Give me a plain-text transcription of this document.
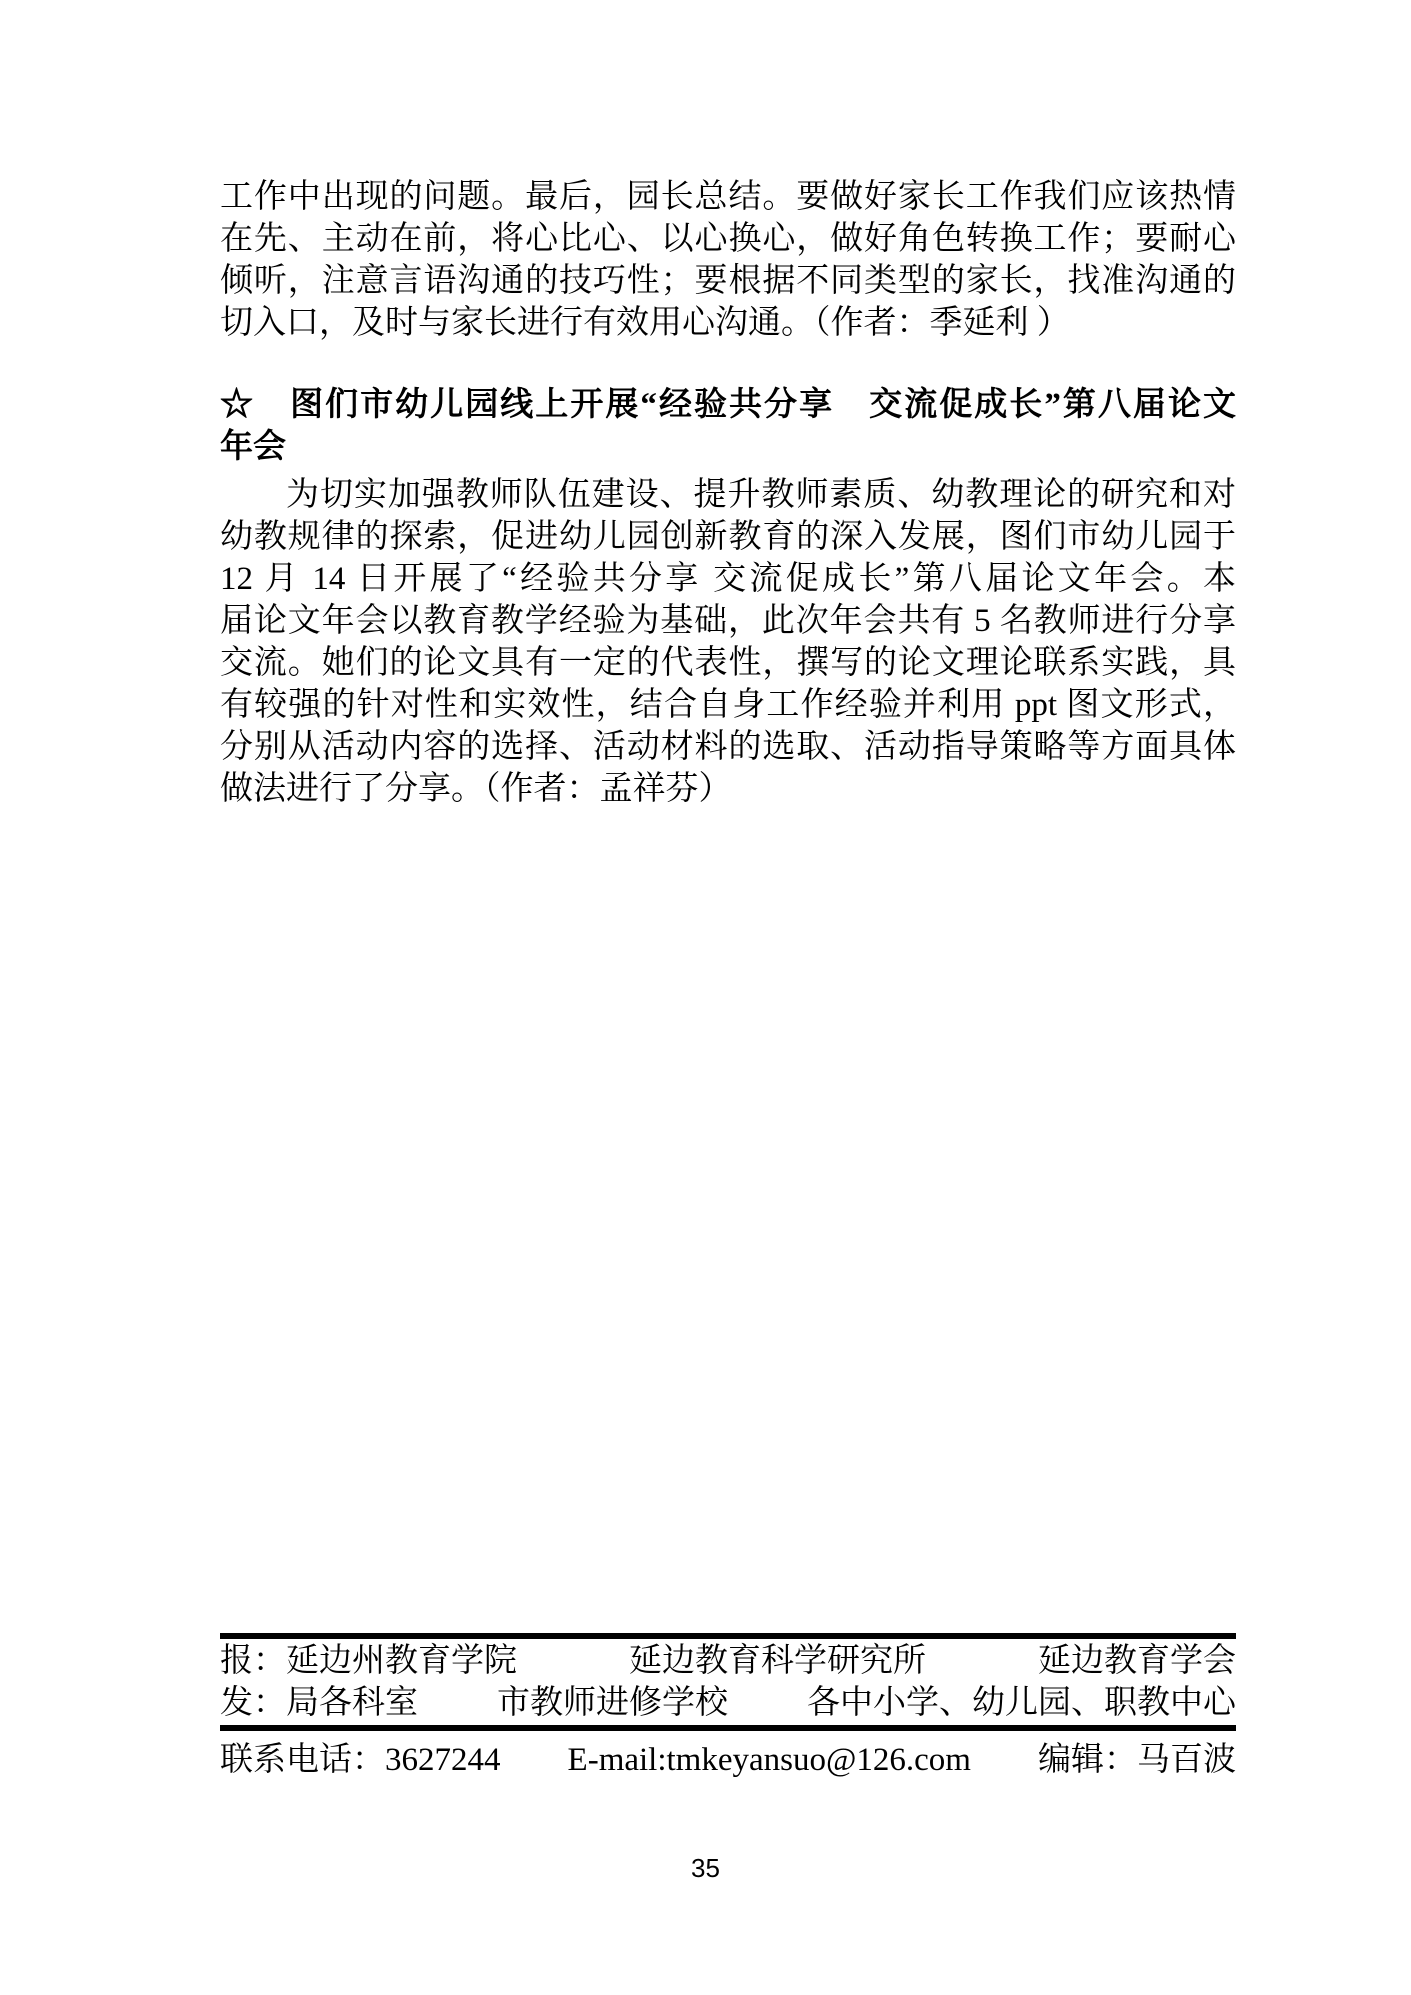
工作中出现的问题。最后，园长总结。要做好家长工作我们应该热情
在先、主动在前，将心比心、以心换心，做好角色转换工作；要耐心
倾听，注意言语沟通的技巧性；要根据不同类型的家长，找准沟通的
切入口，及时与家长进行有效用心沟通。（作者：季延利 ）
☆　图们市幼儿园线上开展“经验共分享　交流促成长”第八届论文
年会
为切实加强教师队伍建设、提升教师素质、幼教理论的研究和对
幼教规律的探索，促进幼儿园创新教育的深入发展，图们市幼儿园于
12 月 14 日开展了“经验共分享 交流促成长”第八届论文年会。本
届论文年会以教育教学经验为基础，此次年会共有 5 名教师进行分享
交流。她们的论文具有一定的代表性，撰写的论文理论联系实践，具
有较强的针对性和实效性，结合自身工作经验并利用 ppt 图文形式，
分别从活动内容的选择、活动材料的选取、活动指导策略等方面具体
做法进行了分享。（作者：孟祥芬）
报：延边州教育学院	延边教育科学研究所	延边教育学会
发：局各科室 市教师进修学校 各中小学、幼儿园、职教中心
联系电话：3627244 E-mail:tmkeyansuo@126.com 编辑：马百波
35
